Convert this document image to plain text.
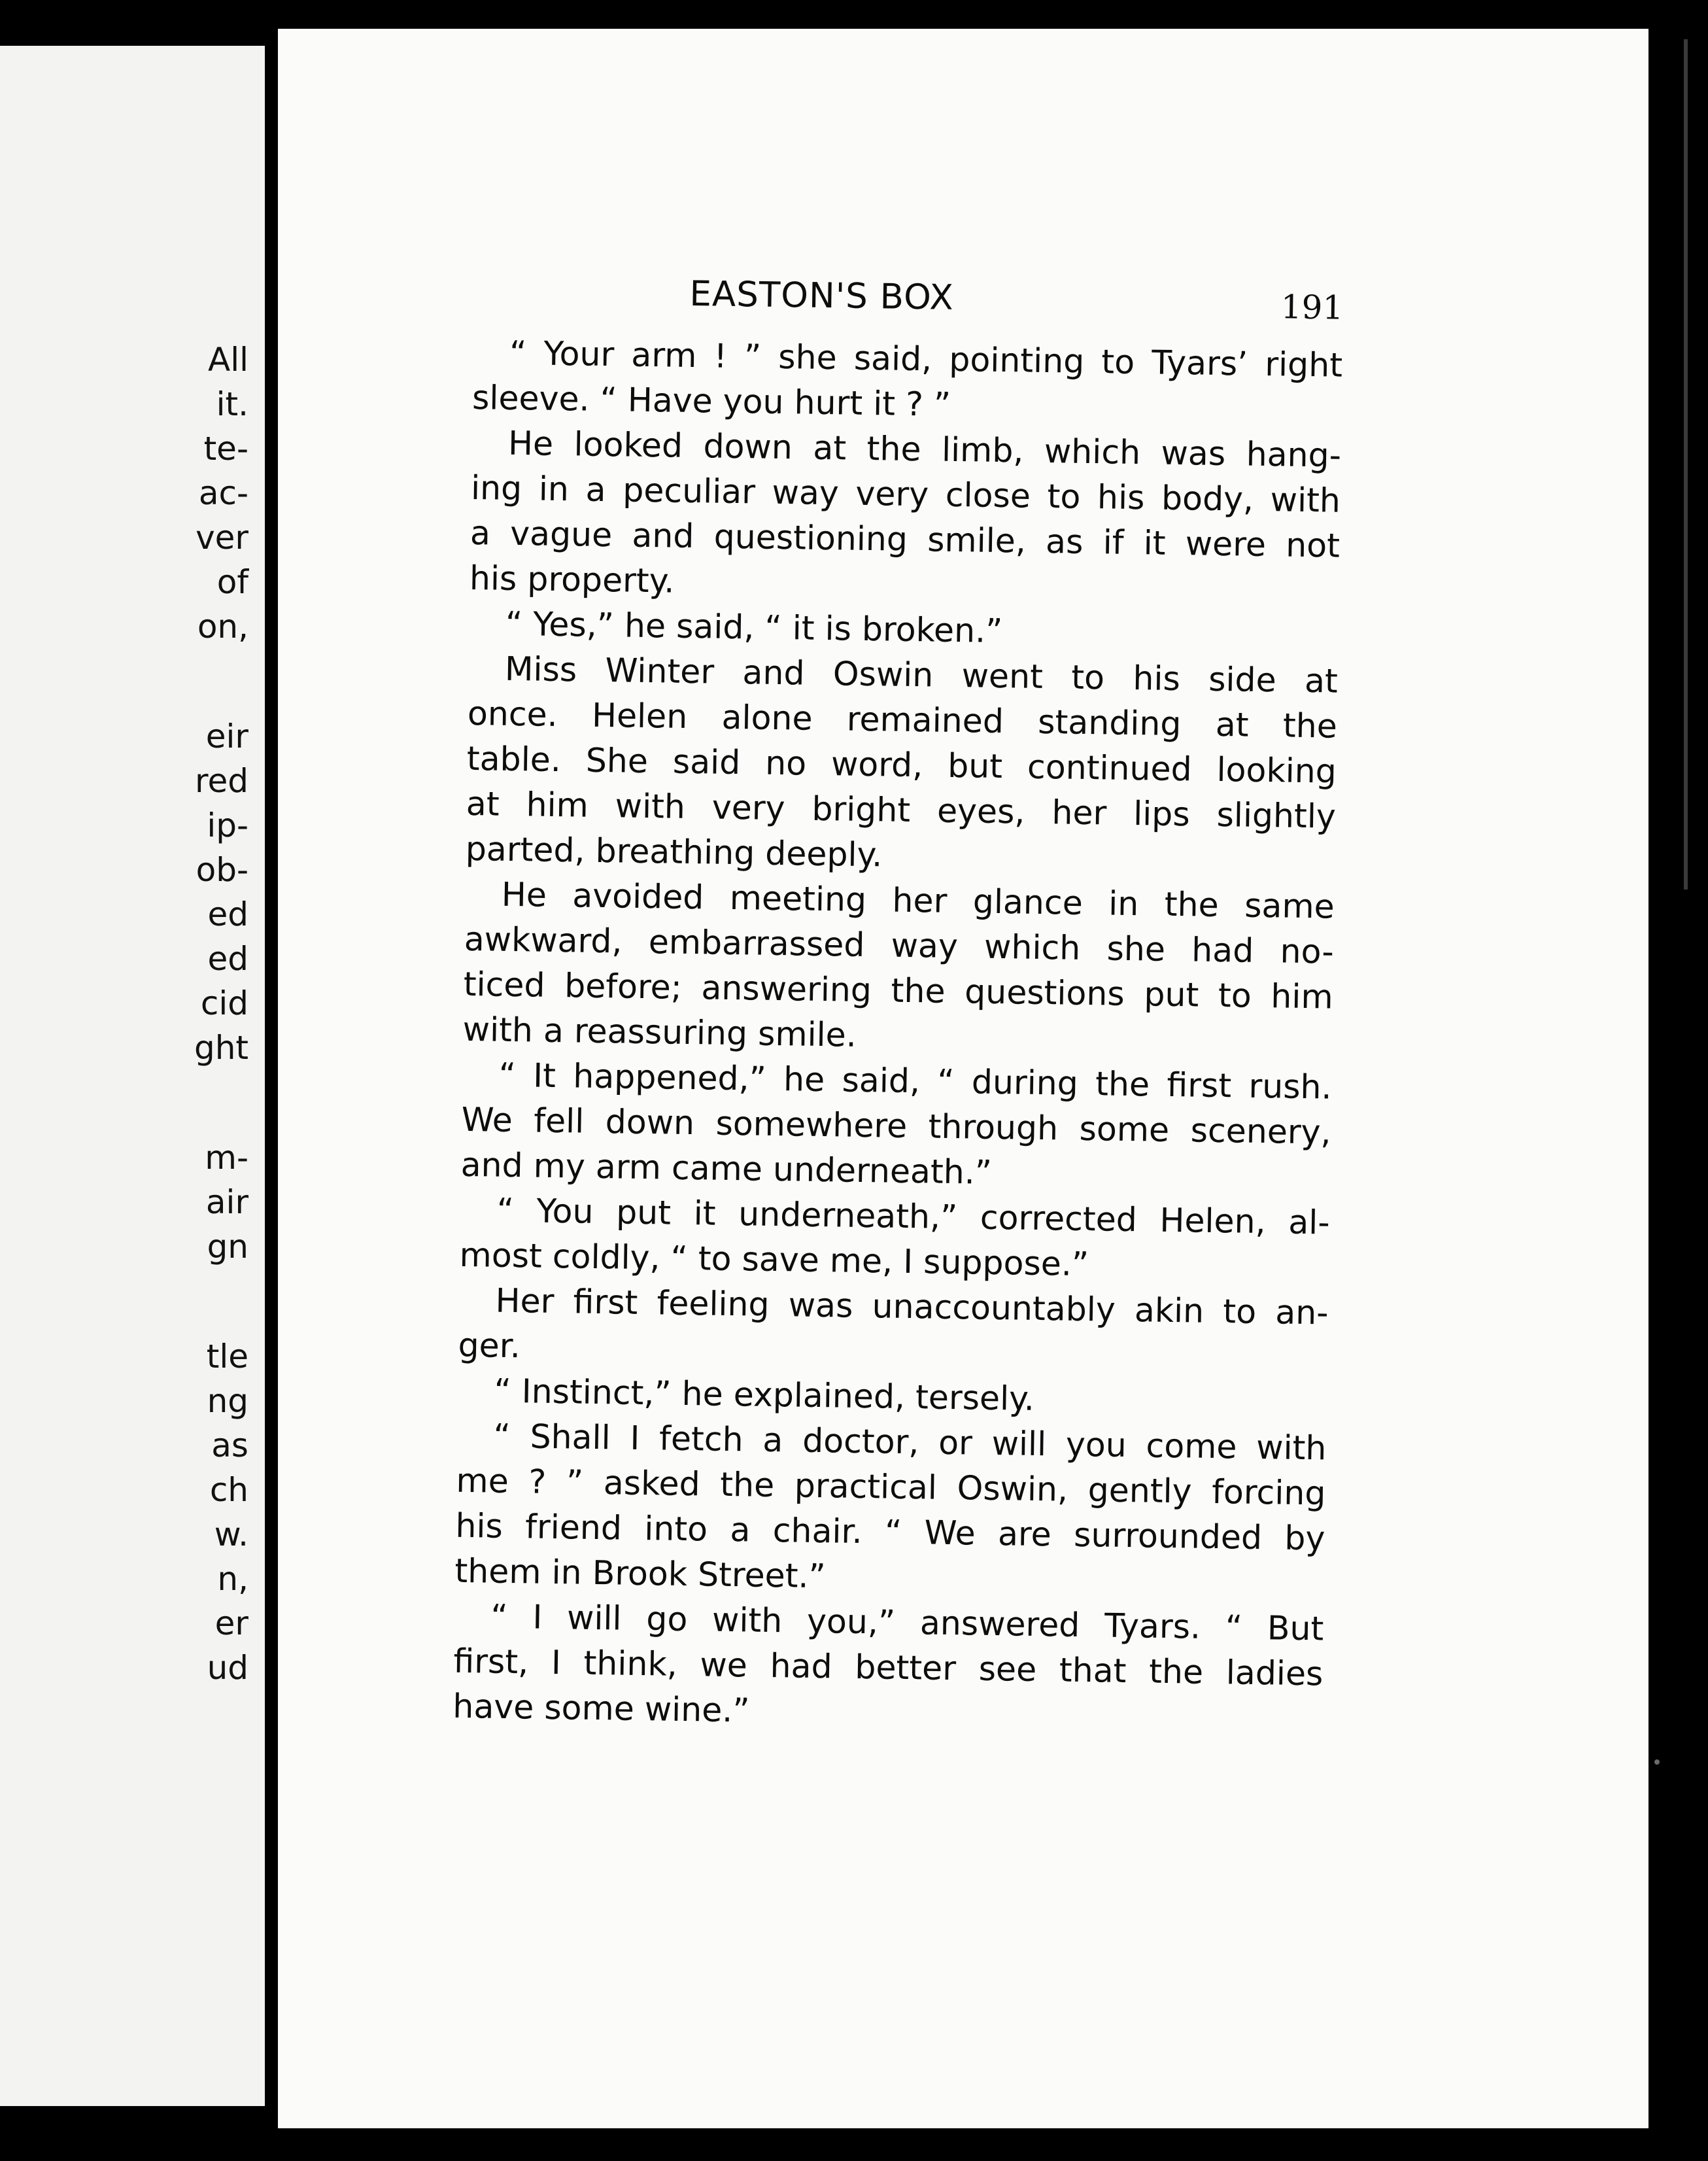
All
it.
te-
ac-
ver
of
on,
eir
red
ip-
ob-
ed
ed
cid
ght
m-
air
gn
tle
ng
as
ch
w.
n,
er
ud
EASTON'S BOX	191
“ Your arm ! ” she said, pointing to Tyars’ right
sleeve. “ Have you hurt it ? ”
He looked down at the limb, which was hang-
ing in a peculiar way very close to his body, with
a vague and questioning smile, as if it were not
his property.
“ Yes,” he said, “ it is broken.”
Miss Winter and Oswin went to his side at
once. Helen alone remained standing at the
table. She said no word, but continued looking
at him with very bright eyes, her lips slightly
parted, breathing deeply.
He avoided meeting her glance in the same
awkward, embarrassed way which she had no-
ticed before; answering the questions put to him
with a reassuring smile.
“ It happened,” he said, “ during the first rush.
We fell down somewhere through some scenery,
and my arm came underneath.”
“ You put it underneath,” corrected Helen, al-
most coldly, “ to save me, I suppose.”
Her first feeling was unaccountably akin to an-
ger.
“ Instinct,” he explained, tersely.
“ Shall I fetch a doctor, or will you come with
me ? ” asked the practical Oswin, gently forcing
his friend into a chair. “ We are surrounded by
them in Brook Street.”
“ I will go with you,” answered Tyars. “ But
first, I think, we had better see that the ladies
have some wine.”
